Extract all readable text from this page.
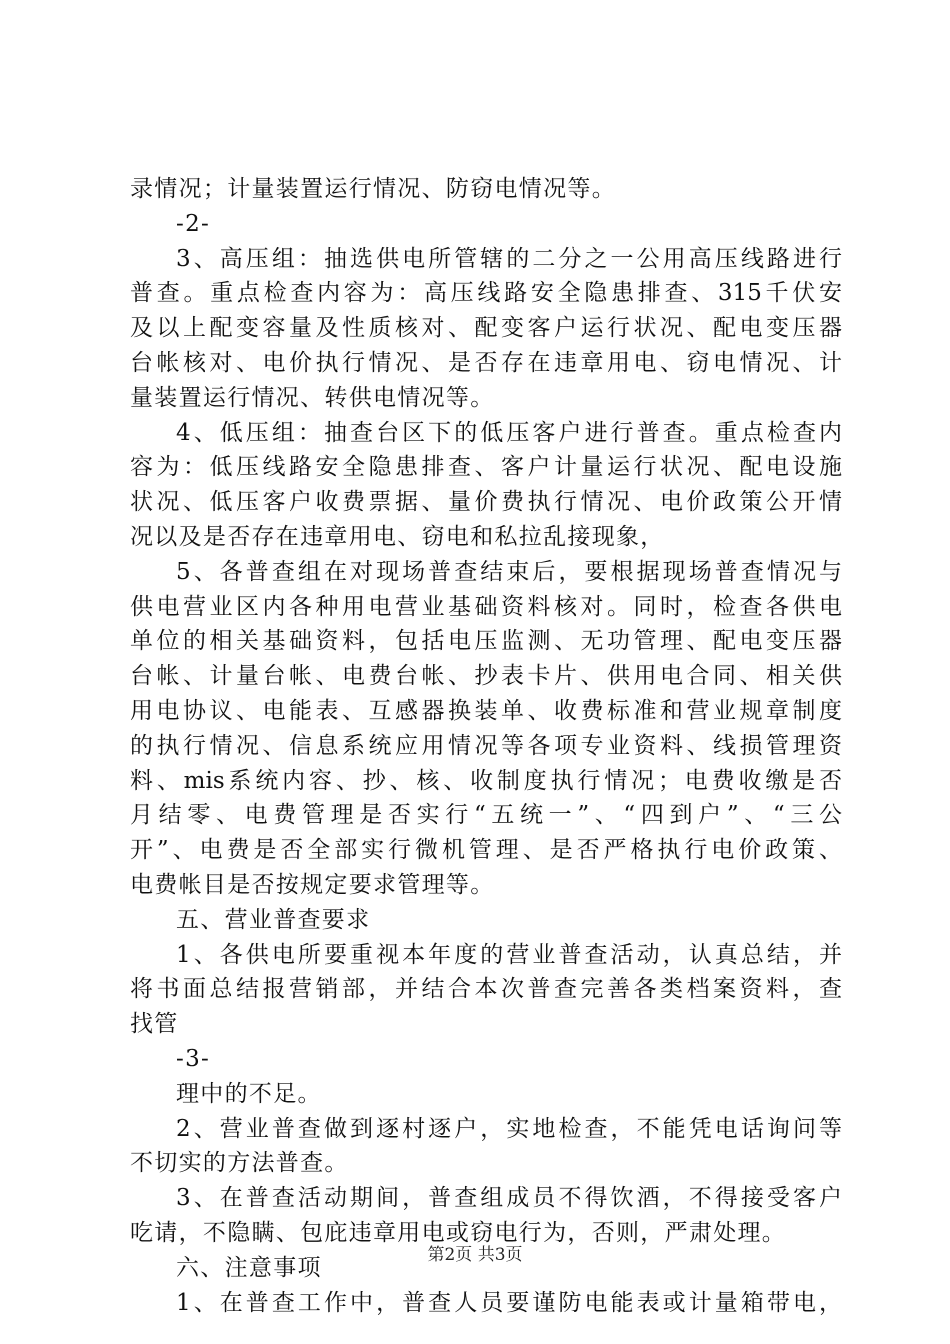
录情况；计量装置运行情况、防窃电情况等。
-2-
3、高压组：抽选供电所管辖的二分之一公用高压线路进行
普查。重点检查内容为：高压线路安全隐患排查、315千伏安
及以上配变容量及性质核对、配变客户运行状况、配电变压器
台帐核对、电价执行情况、是否存在违章用电、窃电情况、计
量装置运行情况、转供电情况等。
4、低压组：抽查台区下的低压客户进行普查。重点检查内
容为：低压线路安全隐患排查、客户计量运行状况、配电设施
状况、低压客户收费票据、量价费执行情况、电价政策公开情
况以及是否存在违章用电、窃电和私拉乱接现象，
5、各普查组在对现场普查结束后，要根据现场普查情况与
供电营业区内各种用电营业基础资料核对。同时，检查各供电
单位的相关基础资料，包括电压监测、无功管理、配电变压器
台帐、计量台帐、电费台帐、抄表卡片、供用电合同、相关供
用电协议、电能表、互感器换装单、收费标准和营业规章制度
的执行情况、信息系统应用情况等各项专业资料、线损管理资
料、mis系统内容、抄、核、收制度执行情况；电费收缴是否
月结零、电费管理是否实行“五统一”、“四到户”、“三公
开”、电费是否全部实行微机管理、是否严格执行电价政策、
电费帐目是否按规定要求管理等。
五、营业普查要求
1、各供电所要重视本年度的营业普查活动，认真总结，并
将书面总结报营销部，并结合本次普查完善各类档案资料，查
找管
-3-
理中的不足。
2、营业普查做到逐村逐户，实地检查，不能凭电话询问等
不切实的方法普查。
3、在普查活动期间，普查组成员不得饮酒，不得接受客户
吃请，不隐瞒、包庇违章用电或窃电行为，否则，严肃处理。
六、注意事项
1、在普查工作中，普查人员要谨防电能表或计量箱带电，
第2页 共3页
